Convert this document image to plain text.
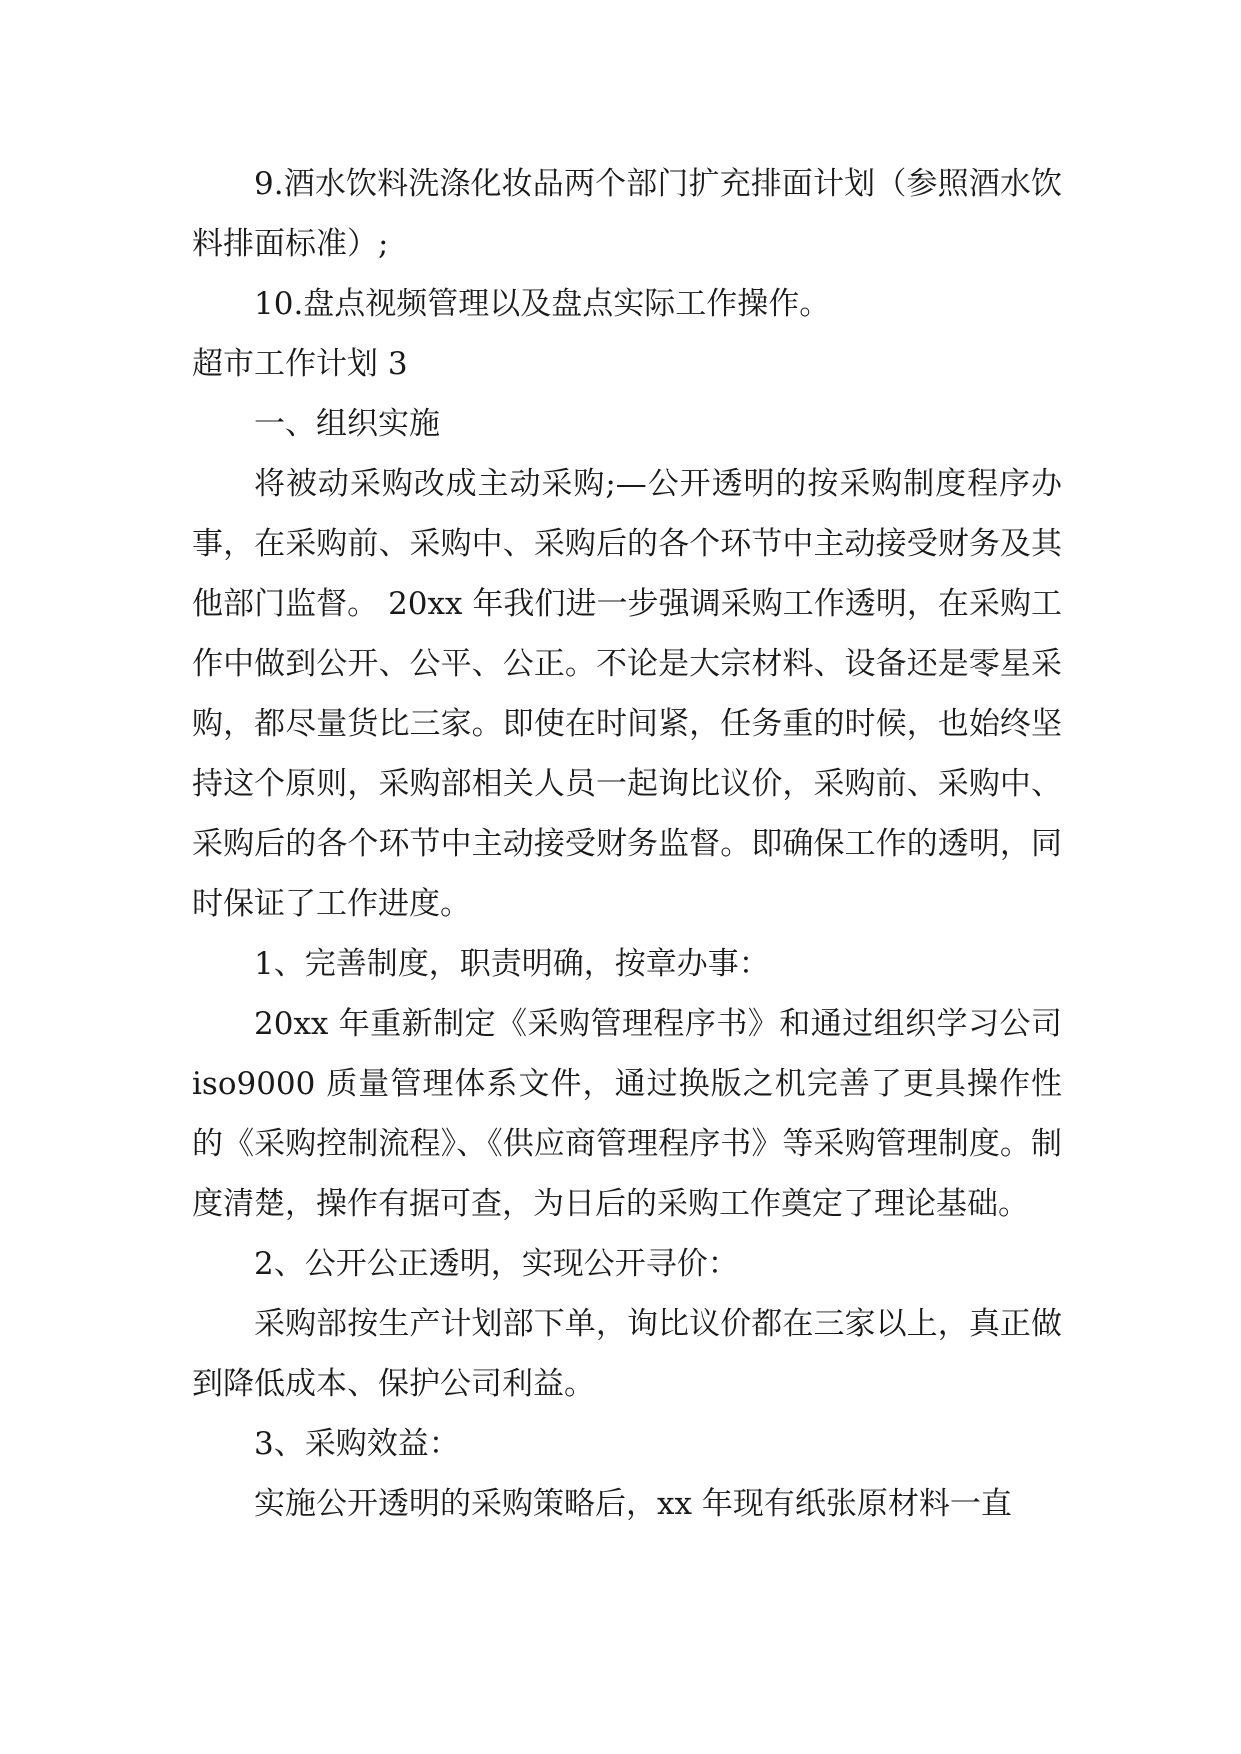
9.酒水饮料洗涤化妆品两个部门扩充排面计划（参照酒水饮料排面标准）;

10.盘点视频管理以及盘点实际工作操作。

超市工作计划 3

一、组织实施

将被动采购改成主动采购;—公开透明的按采购制度程序办事，在采购前、采购中、采购后的各个环节中主动接受财务及其他部门监督。 20xx 年我们进一步强调采购工作透明，在采购工作中做到公开、公平、公正。不论是大宗材料、设备还是零星采购，都尽量货比三家。即使在时间紧，任务重的时候，也始终坚持这个原则，采购部相关人员一起询比议价，采购前、采购中、采购后的各个环节中主动接受财务监督。即确保工作的透明，同时保证了工作进度。

1、完善制度，职责明确，按章办事：

20xx 年重新制定《采购管理程序书》和通过组织学习公司 iso9000 质量管理体系文件，通过换版之机完善了更具操作性的《采购控制流程》、《供应商管理程序书》等采购管理制度。制度清楚，操作有据可查，为日后的采购工作奠定了理论基础。

2、公开公正透明，实现公开寻价：

采购部按生产计划部下单，询比议价都在三家以上，真正做到降低成本、保护公司利益。

3、采购效益：

实施公开透明的采购策略后，xx 年现有纸张原材料一直
